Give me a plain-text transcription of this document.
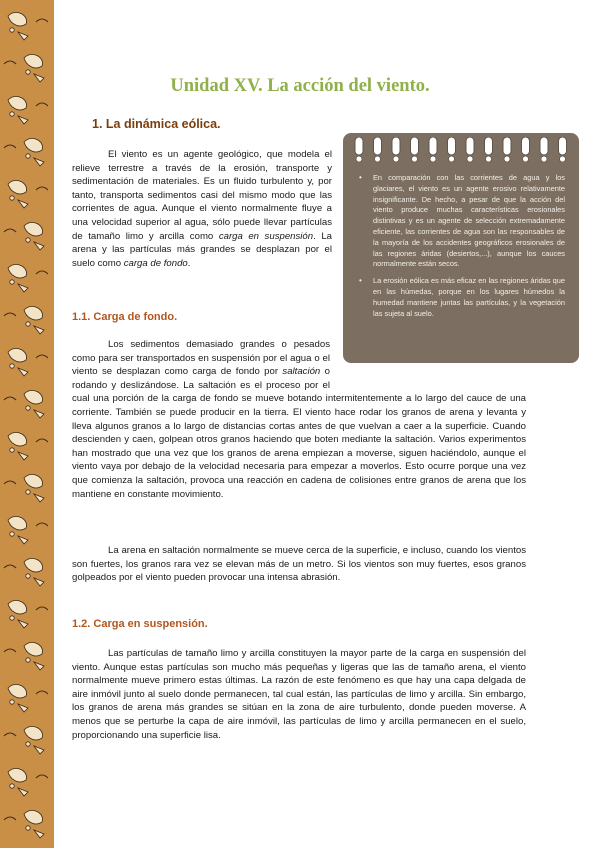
Unidad XV. La acción del viento.
1. La dinámica eólica.

El viento es un agente geológico, que modela el relieve terrestre a través de la erosión, transporte y sedimentación de materiales. Es un fluido turbulento y, por tanto, transporta sedimentos casi del mismo modo que las corrientes de agua. Aunque el viento normalmente fluye a una velocidad superior al agua, sólo puede llevar partículas de tamaño limo y arcilla como carga en suspensión. La arena y las partículas más grandes se desplazan por el suelo como carga de fondo.

• En comparación con las corrientes de agua y los glaciares, el viento es un agente erosivo relativamente insignificante. De hecho, a pesar de que la acción del viento produce muchas características erosionales distintivas y es un agente de selección extremadamente eficiente, las corrientes de agua son las responsables de la mayoría de los accidentes geográficos erosionales de las regiones áridas (desiertos,...), aunque los cauces normalmente están secos.
• La erosión eólica es más eficaz en las regiones áridas que en las húmedas, porque en los lugares húmedos la humedad mantiene juntas las partículas, y la vegetación las sujeta al suelo.
1.1. Carga de fondo.

Los sedimentos demasiado grandes o pesados como para ser transportados en suspensión por el agua o el viento se desplazan como carga de fondo por saltación o rodando y deslizándose. La saltación es el proceso por el cual una porción de la carga de fondo se mueve botando intermitentemente a lo largo del cauce de una corriente. También se puede producir en la tierra. El viento hace rodar los granos de arena y levanta y lleva algunos granos a lo largo de distancias cortas antes de que vuelvan a caer a la superficie. Cuando descienden y caen, golpean otros granos haciendo que boten mediante la saltación. Varios experimentos han mostrado que una vez que los granos de arena empiezan a moverse, siguen haciéndolo, aunque el viento vaya por debajo de la velocidad necesaria para empezar a moverlos. Esto ocurre porque una vez que comienza la saltación, provoca una reacción en cadena de colisiones entre granos de arena que los mantiene en constante movimiento.

La arena en saltación normalmente se mueve cerca de la superficie, e incluso, cuando los vientos son fuertes, los granos rara vez se elevan más de un metro. Si los vientos son muy fuertes, esos granos golpeados por el viento pueden provocar una intensa abrasión.

1.2. Carga en suspensión.

Las partículas de tamaño limo y arcilla constituyen la mayor parte de la carga en suspensión del viento. Aunque estas partículas son mucho más pequeñas y ligeras que las de tamaño arena, el viento normalmente mueve primero estas últimas. La razón de este fenómeno es que hay una capa delgada de aire inmóvil junto al suelo donde permanecen, tal cual están, las partículas de limo y arcilla. Sin embargo, los granos de arena más grandes se sitúan en la zona de aire turbulento, donde pueden moverse. A menos que se perturbe la capa de aire inmóvil, las partículas de limo y arcilla permanecen en el suelo, proporcionando una superficie lisa.
